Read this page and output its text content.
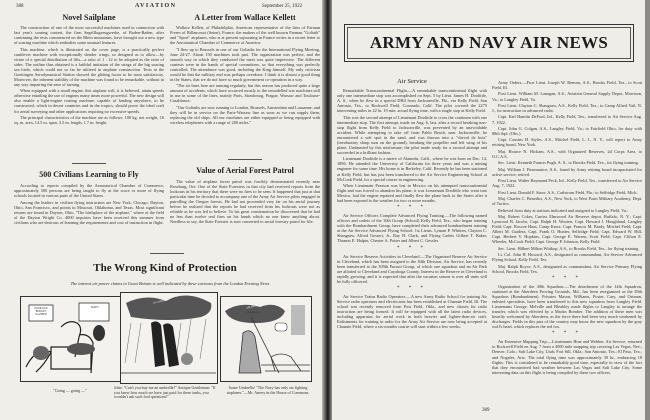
388	AVIATION	September 25, 1922
Novel Sailplane

The construction of one of the most successful machines used in connection with last year's soaring contest, the firm Segelflugzeugwerke, of Baden-Baden, after continuing the tests commenced on the Rhön mountains, have brought out a new type of soaring machine which embodies some unusual features.

This machine, which is illustrated on the cover page, is a practically perfect cantilever machine with exceptionally slender wings, so designed as to allow—by virtue of a special distribution of lifts—a ratio of 1 : 12 to be adopted as the ratio of sides. The outline thus obtained is a faithful imitation of the wings of the big soaring sea birds, which could not so far be utilized in airplane construction. Tests at the Goettingen Aerodynamical Station showed the gliding factor to be most satisfactory. Moreover, the inherent stability of the machine was found to be remarkable, without in any way impairing the ease of turning.

When equipped with a small engine, this airplane will, it is believed, attain speeds otherwise entailing the use of engines many times more powerful. The new design will also enable a light-engine touring machine, capable of landing anywhere, to be constructed, which in desert countries and in the tropics, should prove the ideal craft for aerial surveying and other applications requiring no excessive speeds.

The principal characteristics of the machine are as follows: 100 kg. net weight, 16 sq. m. area, 14.5 m. span, 3.5 m. length, 1.7 m. height.

A Letter from Wallace Kellett

Wallace Kellett, of Philadelphia, American representative of the firm of Farman Freres of Billancourt (Seine), France, the makers of the well known Farman "Goliath" and "Sport" airplanes, who is at present sojourning in France writes in a recent letter to the Aeronautical Chamber of Commerce of America:

"I flew up to Brussels in one of our Goliaths for the International Flying Meeting, June 24-27. About 150 machines took part. The organization was perfect, and the smooth way in which they conducted the meet was quite impressive. The different contests were in the hands of special committees, so that everything was perfectly controlled. The attendance was good, including the King himself. My only criticism would be that the military end was perhaps overdone. I think it is almost a good thing in the States, that we do not have so much government co-operation in a way.

"The air lines here are running regularly, but this season has produced quite a large amount of accidents, which have occurred mostly to the remodelled war machines still in use in some of the lines, mainly Paris, Strasbourg, Prague, Warsaw and Toulouse-Casablanca.

"Our Goliaths are now running to London, Brussels, Amsterdam and Lausanne, and they will be in service on the Paris-Warsaw line as soon as we can supply them, replacing the old ships. All our machines are either equipped or being equipped with wireless telephones with a range of 200 miles."

500 Civilians Learning to Fly

According to reports compiled by the Aeronautical Chamber of Commerce, approximately 500 persons are being taught to fly at the score or more of flying schools located in various parts of the United States.

Among the leaders in civilian flying instruction are New York, Chicago, Dayton, Ohio, San Francisco, and points in Missouri, Oklahoma, and Texas. Most significant returns are found in Dayton, Ohio, "The birthplace of the airplane," where at the field of the Dayton Wright Co. 4000 inquiries have been received this summer from civilians who are desirous of learning the requirements and cost of instruction in flight.

Value of Aerial Forest Patrol

The value of airplane forest patrol was forcibly demonstrated recently near Roseburg, Ore. One of the State Foresters in that city had received reports from the lookouts in his territory that there were no fires to be seen. It happened that just at that particular time he decided to accompany one of the Army Air Service pilots engaged in patrolling the Oregon forests. He had not proceeded very far on his aerial journey before he realized that the reports he had received from his lookouts were not as reliable as he was led to believe. To his great consternation he discovered that he had no less than twelve real fires on his hands which no one knew anything about. Needless to say, the State Forester is now converted to aerial forestry patrol for life.

The Wrong Kind of Protection
The interest air power claims in Great Britain is well indicated by these cartoons from the London Evening News
POOR OLD BUDGET SLASHED
TAXES	AIR MENACE
NO AIRSHIPS
UMBRELLA
"Going — going —"
John: "Can't you buy me an umbrella?" Antique Gentleman: "If you knew how much we have just paid for these tanks, you wouldn't ask such fool questions!"
Some Umbrella! "The Navy has only six fighting airplanes."—Mr. Amery in the House of Commons.
ARMY AND NAVY AIR NEWS
Air Service

Remarkable Transcontinental Flight.—A remarkable transcontinental flight with only one intermediate stop was accomplished on Sept. 5 by Lieut. James H. Doolittle, A. S., when he flew in a special DH4 from Jacksonville, Fla., via Kelly Field, San Antonio, Tex., to Rockwell Field, Coronado, Calif. The pilot covered the 2275 intervening miles in 22 hr. 19 min. actual flying time, with a single stop at Kelly Field.

This was the second attempt of Lieutenant Doolittle to cross the continent with one intermediate stop. The first attempt, made on Aug. 6, last, after a record breaking non-stop flight from Kelly Field to Jacksonville, was prevented by an unavoidable accident. While attempting to take off from Pablo Beach, near Jacksonville, he encountered a soft spot in the sand, and was thrown into a "cheval de bois" (involuntary sharp turn on the ground), breaking the propeller and left wing of his plane. Undaunted by this misfortune, the pilot made ready for a second attempt and succeeded in a brilliant fashion.

Lieutenant Doolittle is a native of Alameda, Calif., where he was born on Dec. 14, 1896. He attended the University of California for three years and was a mining engineer for some time. His home is in Berkeley, Calif. Recently he has been stationed at Kelly Field, but has just been transferred to the Air Service Engineering School at McCook Field, for a special course in engineering.

When Lieutenant Pearson was lost in Mexico on his attempted transcontinental flight and was forced to abandon his plane, it was Lieutenant Doolittle who went into Mexico, had the engine repaired and finally flew the plane back to the States after it had been exposed to the weather for two or more months.

* * *

Air Service Officers Complete Advanced Flying Training.—The following named officers and cadets of the 10th Group (School) Kelly Field, Tex., who began training with the Bombardment Group, have completed their advanced bombardment training at the Air Service Advanced Flying School: 1st Lieuts. Lyman P. Whitten, Clayton C. Shangraw, Alfred Gessert, Jr., Ray H. Clark, and Flying Cadets Gilbert T. Baker, Thomas E. Halpin, Chester A. Potter and Albert C. Gessler.

* * *

Air Service Reserve Activities in Cleveland.—The Organized Reserve Air Service in Cleveland, which has been assigned to the 84th Division, Air Service, has recently been transferred to the 309th Pursuit Group, of which one squadron and an Air Park are allotted to Cleveland and Cuyahoga County. Interest in the Reserve in Cleveland is rapidly growing, and it is expected that after the vacation season is over all units will be fully officered.

* * *

Air Service Trains Radio Operators.—A new Army Radio School for training Air Service radio operators and electricians has been established at Chanute Field, Ill. The school was recently removed from Post Field, Okla., and new classes for radio instruction are being formed. It will be equipped with all the latest radio devices, including apparatus for aerial work in both heavier and lighter-than-air craft. Enlistments for training in radio for the Army Air Service are now being accepted at Chanute Field, where a six-months course will start within a few weeks.

Army Orders.—First Lieut. Joseph W. Benson, A.S., Brooks Field, Tex., to Scott Field, Ill.

First Lieut. William M. Lanagan, A.S., Aviation General Supply Depot, Morrison, Va.; to Langley Field, Va.

First Lieut. Clayton C. Shangraw, A.S., Kelly Field, Tex.; to Camp Alfred Vail, N. J., for instruction in advanced radio.

Capt. Earl Hamlin DeFord, Inf., Kelly Field, Tex.; transferred to Air Service Aug. 7, 1922.

Capt. John G. Colgan, A.S., Langley Field, Va.; to Fairfield Ohio, for duty with 88th Sqd. (Obs.).

Capt. Cousins H. Styles, A.S., Mitchel Field, L. I., N. Y., will report to Army retiring board, New York.

Maj. Horace N. Hickam, A.S., with Organized Reserves, 2d Corps Area, to O.C.A.S.

Sec. Lieut. Kenneth Francis Pugh, A. S., to Brooks Field, Tex., for flying training.

Maj. William J. Fitzmaurice, A.S., found by Army retiring board incapacitated for active service; retired.

First Lieut. Walter Raymond Peck, Inf., Kelly Field, Tex., transferred to Air Service Aug. 7, 1922.

First Lieut. Donald F. Stace, A.S., Carlstrom Field, Fla.; to Selfridge Field, Mich.

Maj. Charles C. Benedict, A.S., New York, to West Point Military Academy, Dept. of Tactics.

Relieved from duty at stations indicated and assigned to Langley Field, Va.:

Maj. Robert Coker, Curtiss Elmwood Air Reserve depot, Buffalo, N. Y.; Capt. Lynwood B. Jacobs, Capt. Ralph H. Wooten, Capt. Howard J. Houghland, Langley Field; Capt. Roscoe Haas, Camp Knox; Capt. Francis M. Brady, Mitchel Field; Capt. Albert M. Guidera, Capt. Frank O. Hunter, Selfridge Field; Capt. Edward W. Hill, Capt. Herbert V. Hopkins, Capt. George E. Warren, Scott Field; Capt. Clifton E. Wheeler, McCook Field; Capt. George P. Johnson, Kelly Field.

Sec. Lieut. Hilbert Milton Wittkop, A.S., to Brooks Field, Tex., for flying training.

Lt. Col. John H. Howard, A.S., designated as commandant, Air Service Advanced Flying School, Kelly Field, Tex.

Maj. Ralph Royce, A.S., designated as commandant, Air Service Primary Flying School, Brooks Field, Tex.

* * *

Organization of the 49th Squadron.—The detachment of the 14th Squadron, stationed at the Aberdeen Proving Grounds, Md., has been reorganized as the 49th Squadron (Bombardment). Privates Mason, Williams, Foster, Cary, and Ostman, enlisted specialists, have been transferred to this new squadron from Langley Field. Lieutenants George, Melville and Bleakley made flights to Langley to arrange the transfer, which was effected by a Martin Bomber. The addition of these men was heartily welcomed by Aberdeen, as the force there had been very much weakened by discharges. Fields in this part of the country may know the new squadron by the gray wolf's head, which replaces the red fox.

* * *

An Extensive Mapping Trip.—Lieutenants Hine and Webber, Air Service, returned to Rockwell Field on Aug. 7 from a 4000 mile mapping trip covering Las Vegas, Nev.; Denver, Colo.; Salt Lake City, Utah; Fort Sill, Okla.; San Antonio, Tex.; El Paso, Tex.; and Nogales, Ariz. The total flying time was approximately 39 hr., embracing 18 flights. This is considered to be remarkably good time, especially in view of the fact that they encountered bad weather between Las Vegas and Salt Lake City. Some interesting data on this flight is being compiled by these two officers.

389
